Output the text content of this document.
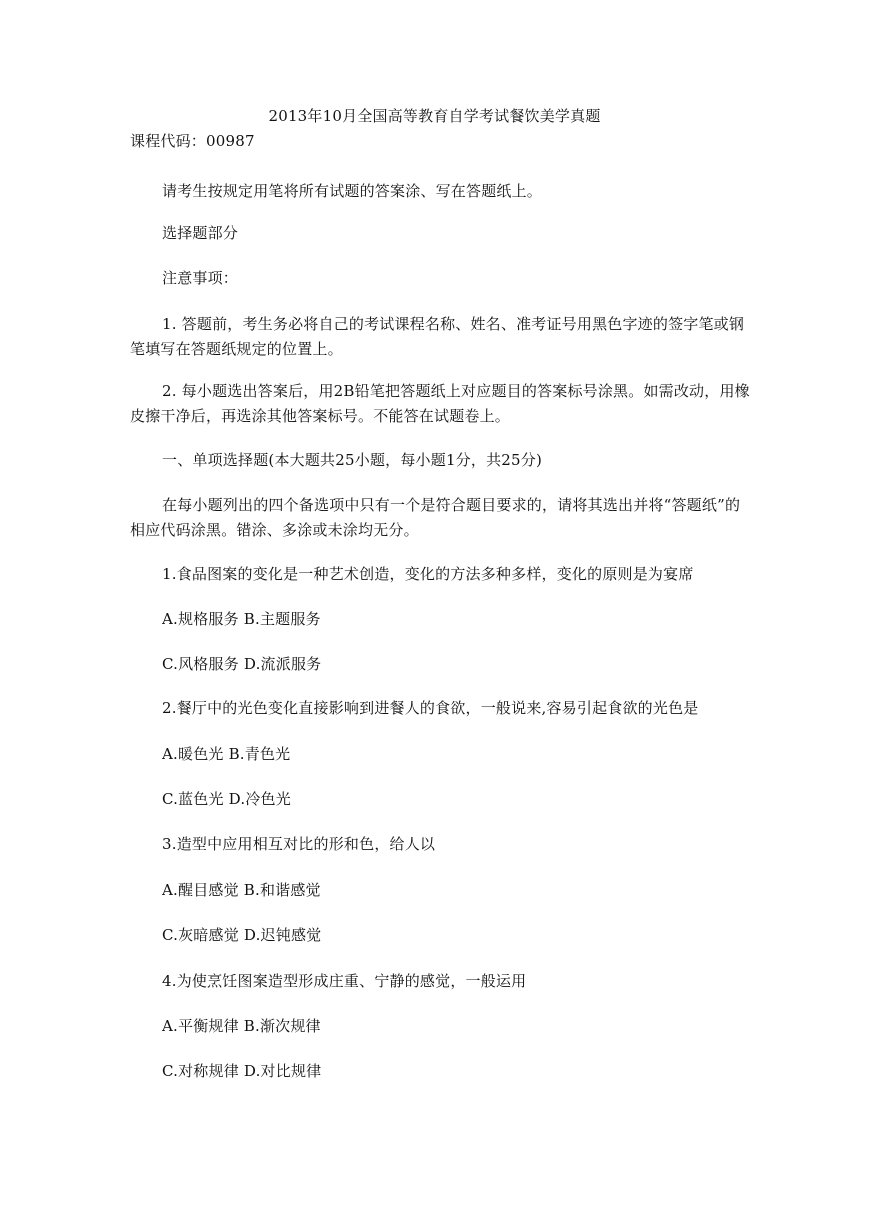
2013年10月全国高等教育自学考试餐饮美学真题
课程代码：00987
请考生按规定用笔将所有试题的答案涂、写在答题纸上。
选择题部分
注意事项：
1. 答题前，考生务必将自己的考试课程名称、姓名、准考证号用黑色字迹的签字笔或钢笔填写在答题纸规定的位置上。
2. 每小题选出答案后，用2B铅笔把答题纸上对应题目的答案标号涂黑。如需改动，用橡皮擦干净后，再选涂其他答案标号。不能答在试题卷上。
一、单项选择题(本大题共25小题，每小题1分，共25分)
在每小题列出的四个备选项中只有一个是符合题目要求的，请将其选出并将“答题纸”的相应代码涂黑。错涂、多涂或未涂均无分。
1.食品图案的变化是一种艺术创造，变化的方法多种多样，变化的原则是为宴席
A.规格服务 B.主题服务
C.风格服务 D.流派服务
2.餐厅中的光色变化直接影响到进餐人的食欲，一般说来,容易引起食欲的光色是
A.暖色光 B.青色光
C.蓝色光 D.冷色光
3.造型中应用相互对比的形和色，给人以
A.醒目感觉 B.和谐感觉
C.灰暗感觉 D.迟钝感觉
4.为使烹饪图案造型形成庄重、宁静的感觉，一般运用
A.平衡规律 B.渐次规律
C.对称规律 D.对比规律
